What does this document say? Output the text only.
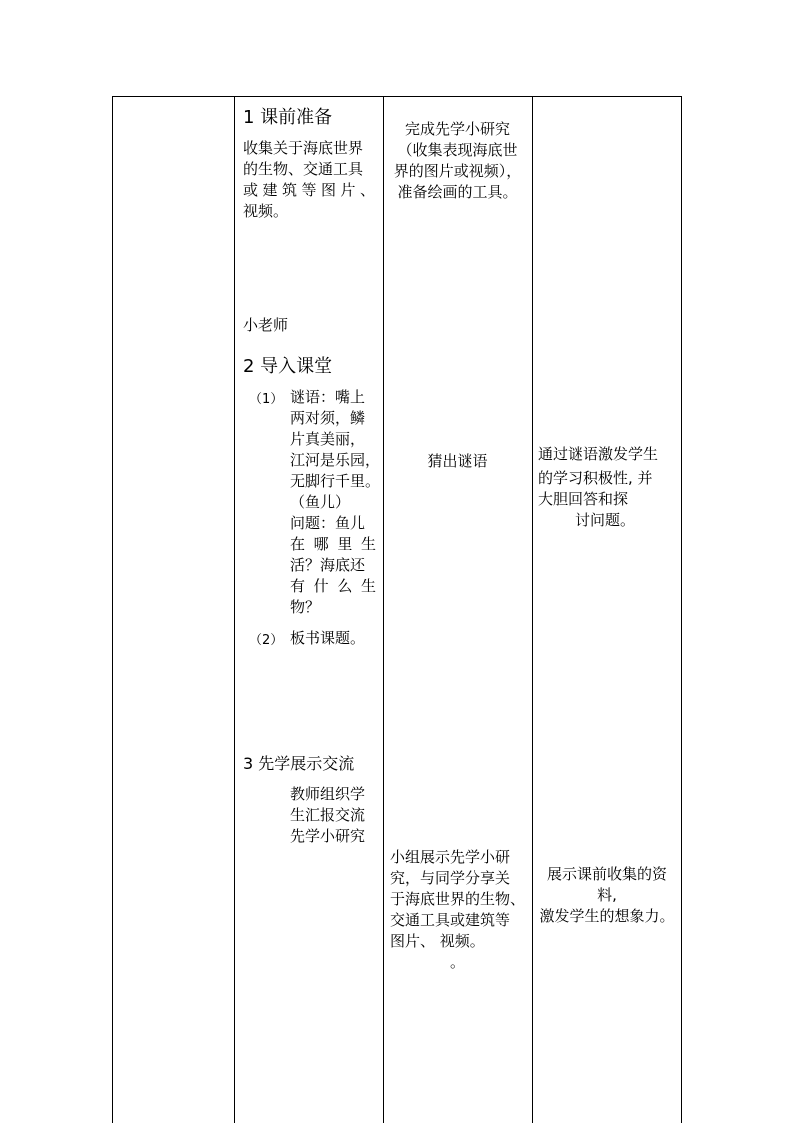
1 课前准备
收集关于海底世界
的生物、交通工具
或建筑等图片、
视频。
完成先学小研究
（收集表现海底世
界的图片或视频），
准备绘画的工具。
小老师
2 导入课堂
（1） 谜语：嘴上
两对须，鳞
片真美丽，
江河是乐园，
无脚行千里。
（鱼儿）
问题：鱼儿
在 哪 里 生
活？海底还
有 什 么 生
物？
（2） 板书课题。
猜出谜语	通过谜语激发学生
的学习积极性, 并
大胆回答和探
讨问题。
3 先学展示交流
教师组织学
生汇报交流
先学小研究
小组展示先学小研
究，与同学分享关
于海底世界的生物、
交通工具或建筑等
图片、 视频。
。
展示课前收集的资
料,
激发学生的想象力。
